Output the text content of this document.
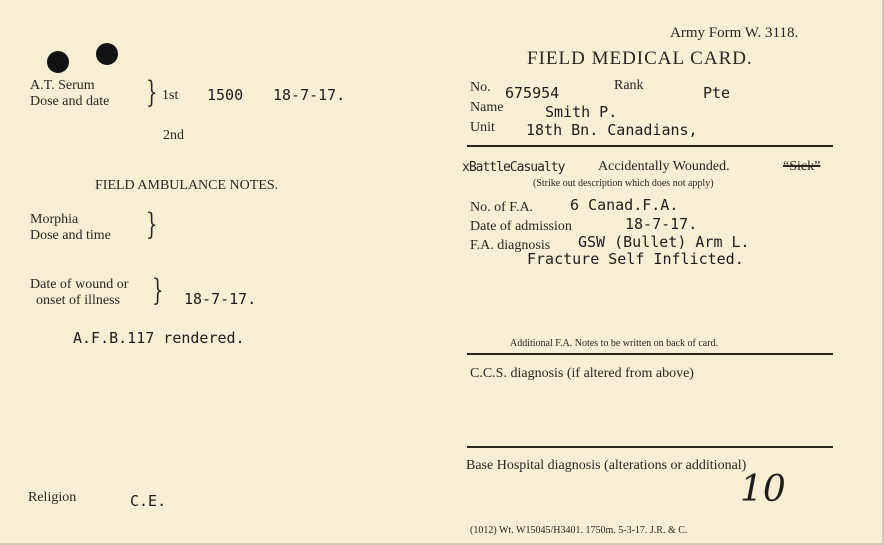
Army Form W. 3118.
FIELD MEDICAL CARD.
A.T. Serum
Dose and date } 1st 1500 18-7-17.
2nd
FIELD AMBULANCE NOTES.
Morphia
Dose and time }
Date of wound or
onset of illness } 18-7-17.
A.F.B.117 rendered.
Religion	C.E.
No. 675954	Rank	Pte
Name	Smith P.
Unit 18th Bn. Canadians,
xBattleCasualty Accidentally Wounded.	“Sick”
(Strike out description which does not apply)
No. of F.A. 6 Canad.F.A.
Date of admission	18-7-17.
F.A. diagnosis GSW (Bullet) Arm L.
Fracture Self Inflicted.
Additional F.A. Notes to be written on back of card.
C.C.S. diagnosis (if altered from above)
Base Hospital diagnosis (alterations or additional)
10
(1012) Wt. W15045/H3401. 1750m. 5-3-17. J.R. & C.
